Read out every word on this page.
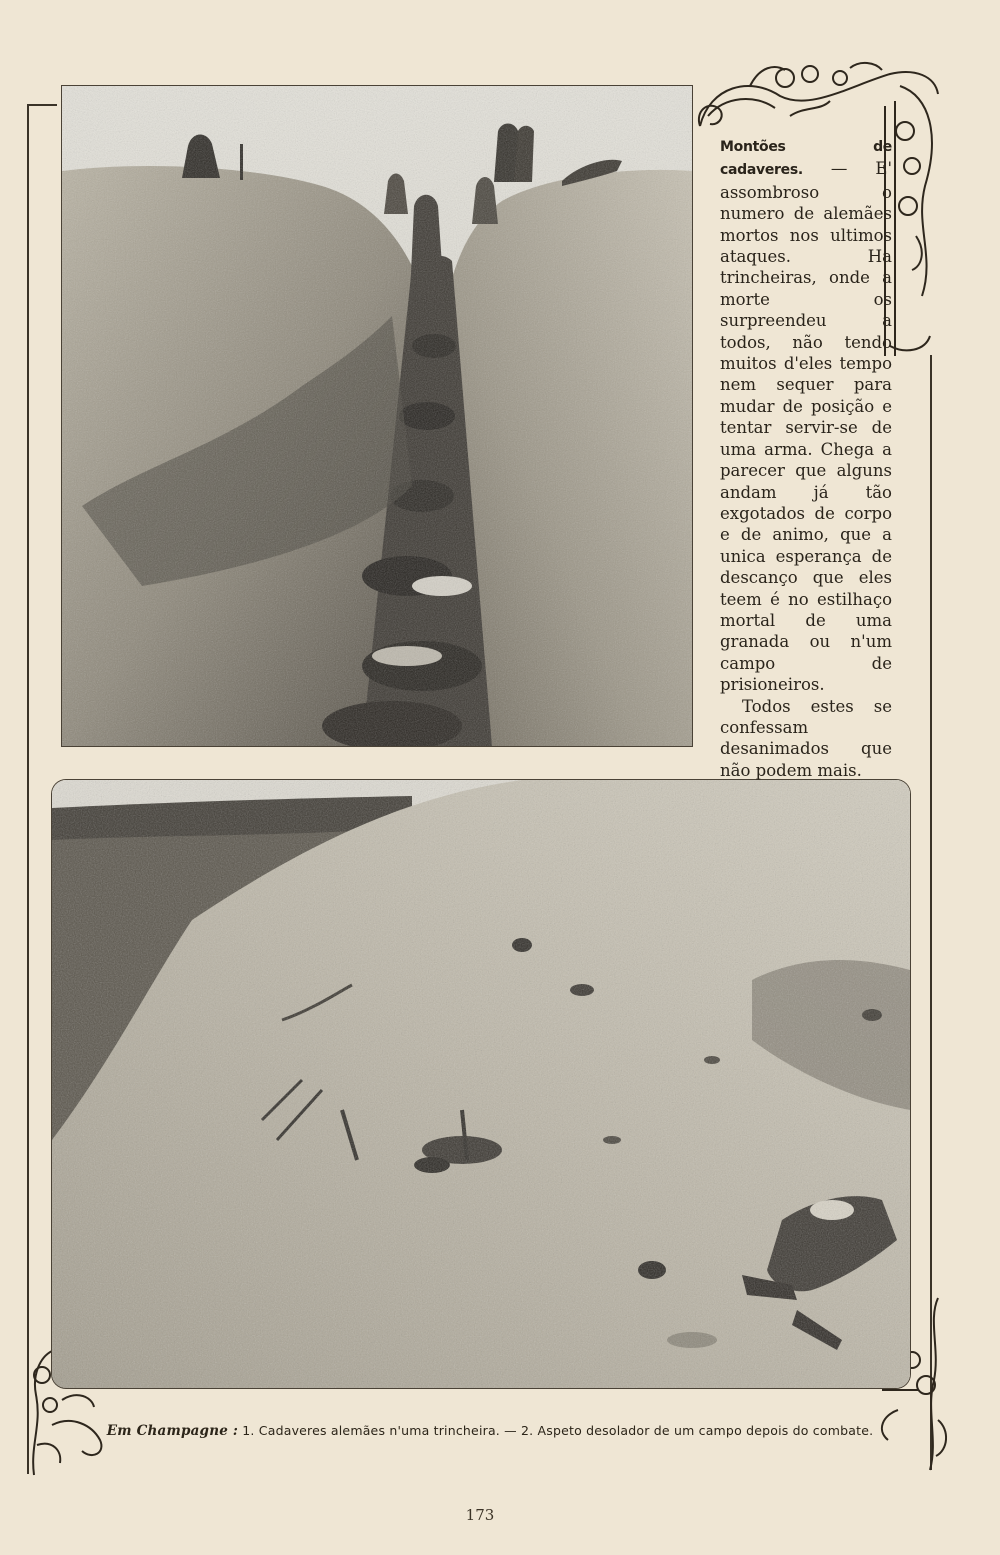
Montões de cadaveres. — E' assombroso o numero de alemães mortos nos ultimos ataques. Ha trincheiras, onde a morte os surpreendeu a todos, não tendo muitos d'eles tempo nem sequer para mudar de posição e tentar servir-se de uma arma. Chega a parecer que alguns andam já tão exgotados de corpo e de animo, que a unica esperança de descanço que eles teem é no estilhaço mortal de uma granada ou n'um campo de prisioneiros.

Todos estes se confessam desanimados que não podem mais.

Em Champagne : 1. Cadaveres alemães n'uma trincheira. — 2. Aspeto desolador de um campo depois do combate.
173
